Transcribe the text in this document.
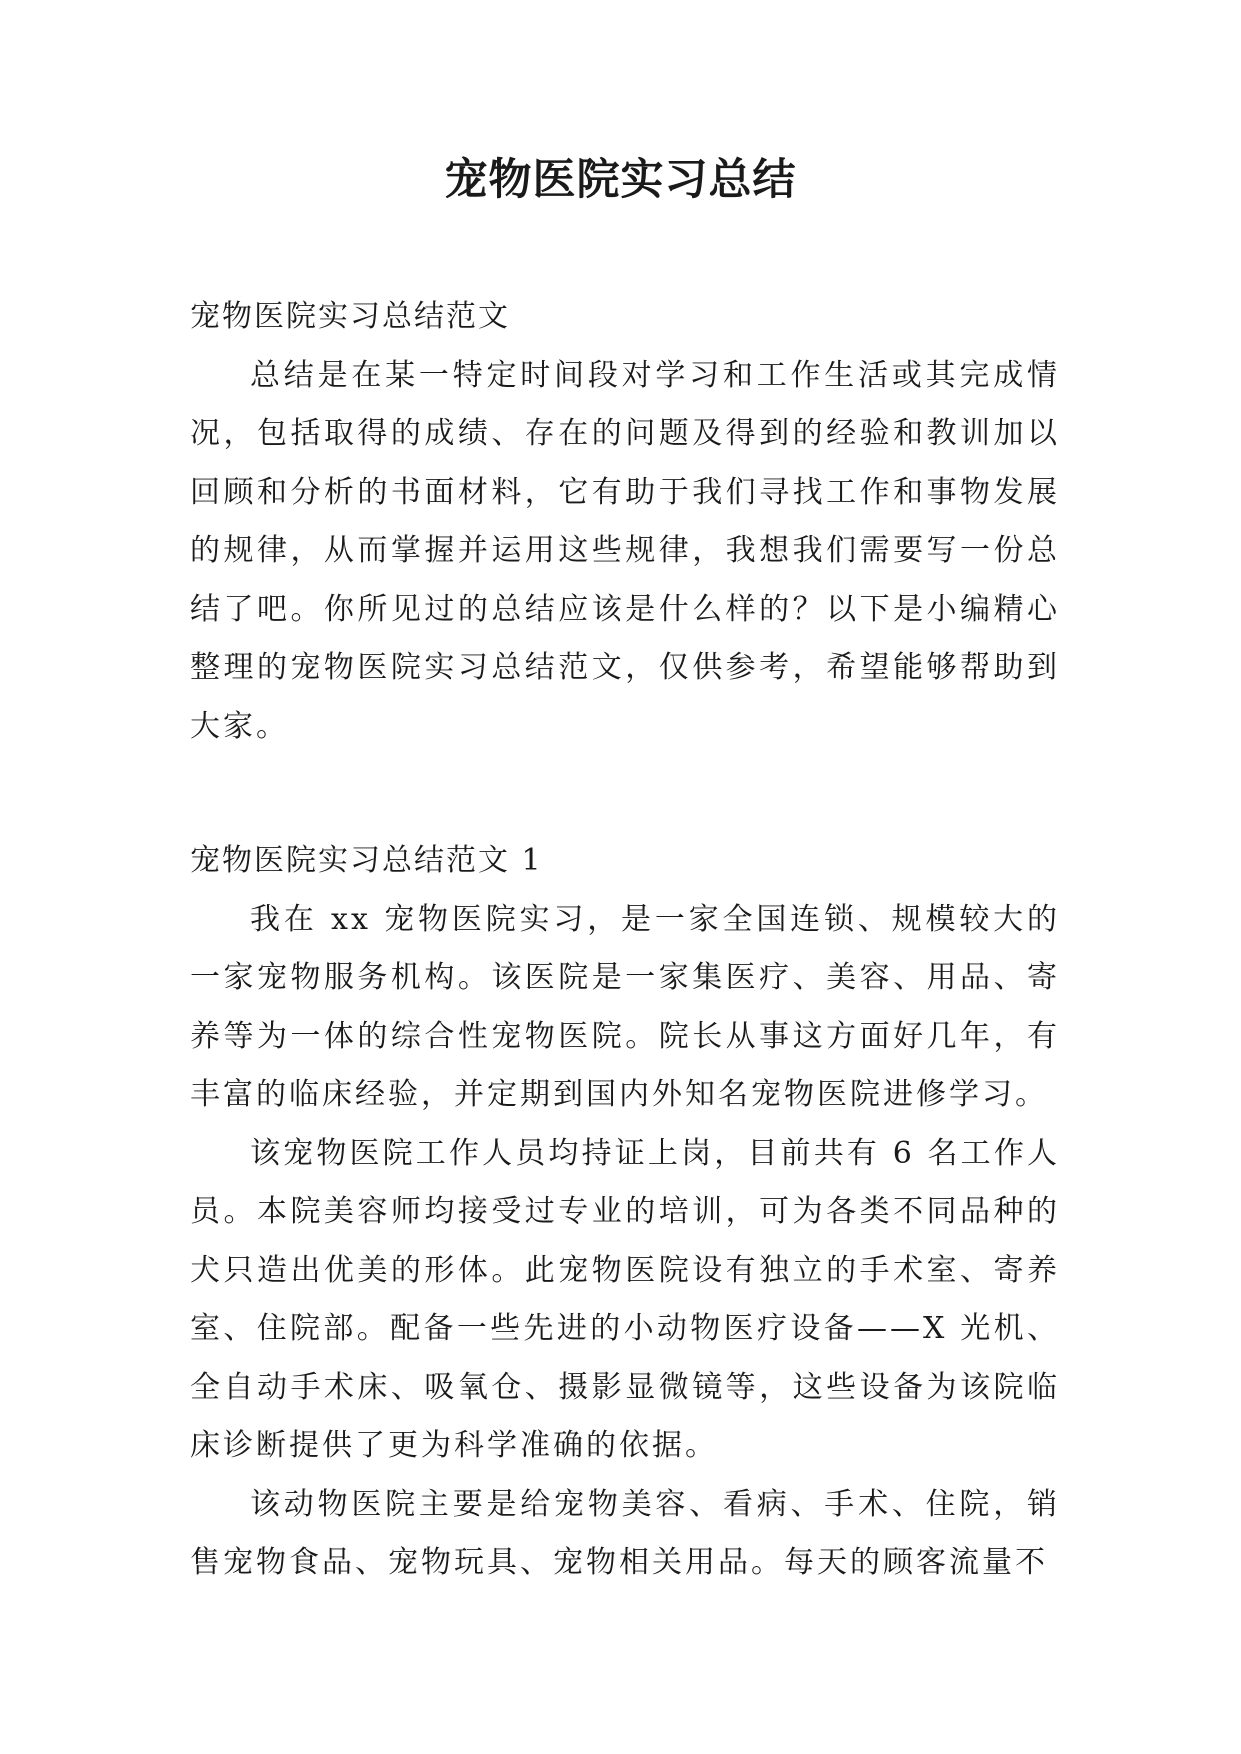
宠物医院实习总结

宠物医院实习总结范文

总结是在某一特定时间段对学习和工作生活或其完成情况，包括取得的成绩、存在的问题及得到的经验和教训加以回顾和分析的书面材料，它有助于我们寻找工作和事物发展的规律，从而掌握并运用这些规律，我想我们需要写一份总结了吧。你所见过的总结应该是什么样的？以下是小编精心整理的宠物医院实习总结范文，仅供参考，希望能够帮助到大家。

宠物医院实习总结范文 1

我在 xx 宠物医院实习，是一家全国连锁、规模较大的一家宠物服务机构。该医院是一家集医疗、美容、用品、寄养等为一体的综合性宠物医院。院长从事这方面好几年，有丰富的临床经验，并定期到国内外知名宠物医院进修学习。

该宠物医院工作人员均持证上岗，目前共有 6 名工作人员。本院美容师均接受过专业的培训，可为各类不同品种的犬只造出优美的形体。此宠物医院设有独立的手术室、寄养室、住院部。配备一些先进的小动物医疗设备——X 光机、全自动手术床、吸氧仓、摄影显微镜等，这些设备为该院临床诊断提供了更为科学准确的依据。

该动物医院主要是给宠物美容、看病、手术、住院，销售宠物食品、宠物玩具、宠物相关用品。每天的顾客流量不
